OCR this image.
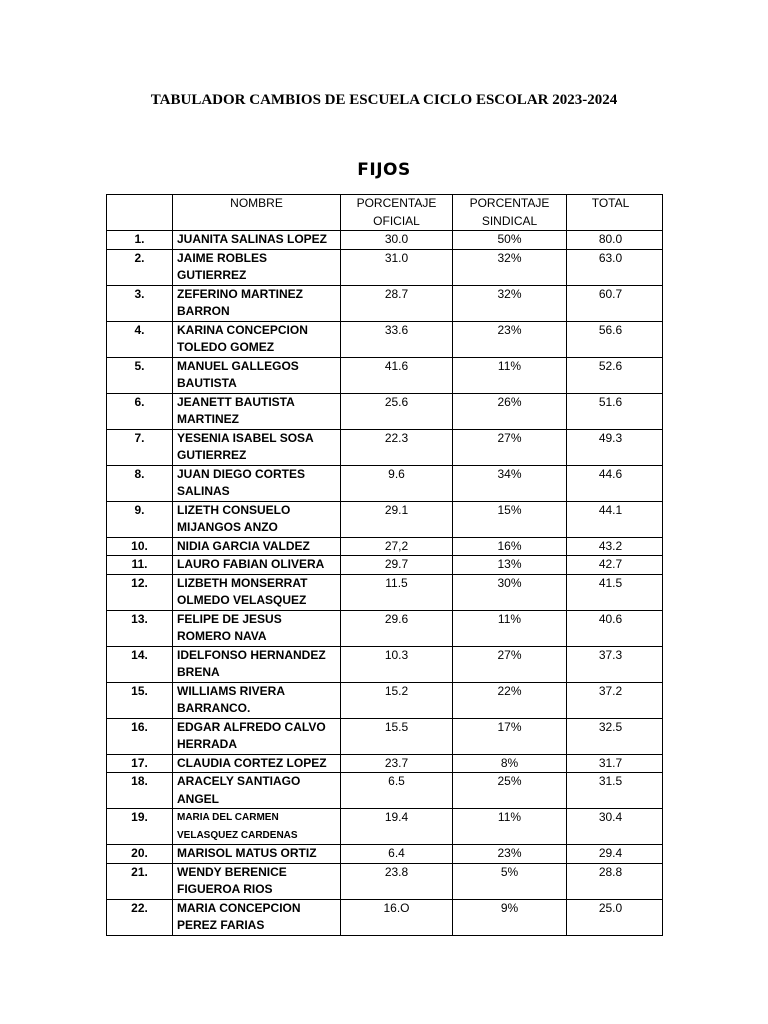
TABULADOR CAMBIOS DE ESCUELA CICLO ESCOLAR 2023-2024
FIJOS
	NOMBRE	PORCENTAJE OFICIAL	PORCENTAJE SINDICAL	TOTAL
1.	JUANITA SALINAS LOPEZ	30.0	50%	80.0
2.	JAIME ROBLES GUTIERREZ	31.0	32%	63.0
3.	ZEFERINO MARTINEZ BARRON	28.7	32%	60.7
4.	KARINA CONCEPCION TOLEDO GOMEZ	33.6	23%	56.6
5.	MANUEL GALLEGOS BAUTISTA	41.6	11%	52.6
6.	JEANETT BAUTISTA MARTINEZ	25.6	26%	51.6
7.	YESENIA ISABEL SOSA GUTIERREZ	22.3	27%	49.3
8.	JUAN DIEGO CORTES SALINAS	9.6	34%	44.6
9.	LIZETH CONSUELO MIJANGOS ANZO	29.1	15%	44.1
10.	NIDIA GARCIA VALDEZ	27,2	16%	43.2
11.	LAURO FABIAN OLIVERA	29.7	13%	42.7
12.	LIZBETH MONSERRAT OLMEDO VELASQUEZ	11.5	30%	41.5
13.	FELIPE DE JESUS ROMERO NAVA	29.6	11%	40.6
14.	IDELFONSO HERNANDEZ BRENA	10.3	27%	37.3
15.	WILLIAMS RIVERA BARRANCO.	15.2	22%	37.2
16.	EDGAR ALFREDO CALVO HERRADA	15.5	17%	32.5
17.	CLAUDIA CORTEZ LOPEZ	23.7	8%	31.7
18.	ARACELY SANTIAGO ANGEL	6.5	25%	31.5
19.	MARIA DEL CARMEN VELASQUEZ CARDENAS	19.4	11%	30.4
20.	MARISOL MATUS ORTIZ	6.4	23%	29.4
21.	WENDY BERENICE FIGUEROA RIOS	23.8	5%	28.8
22.	MARIA CONCEPCION PEREZ FARIAS	16.O	9%	25.0
